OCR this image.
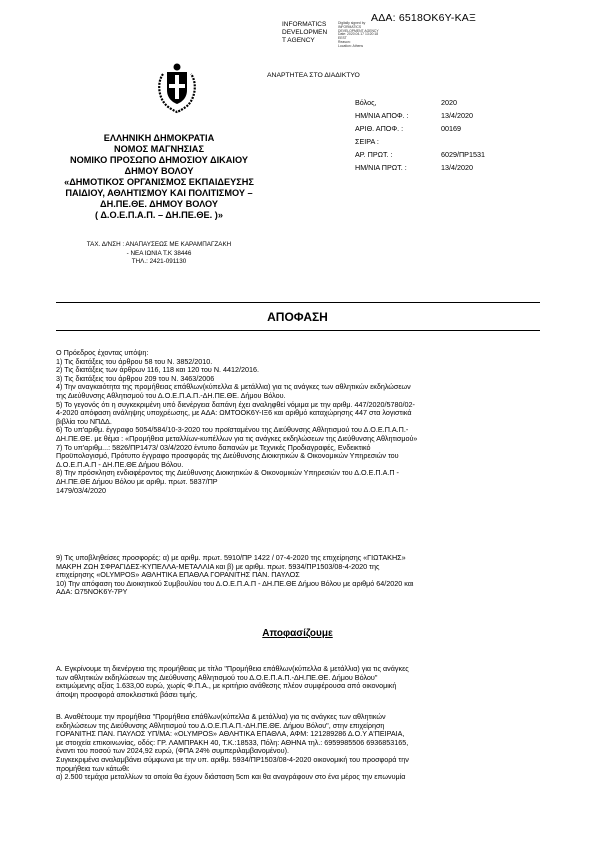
ΑΔΑ: 6518ΟΚ6Υ-ΚΑΞ
INFORMATICS
DEVELOPMEN
T AGENCY
Digitally signed by
INFORMATICS
DEVELOPMENT AGENCY
Date: 2020.04.17 13:20:18
EEST
Reason:
Location: Athens
ΑΝΑΡΤΗΤΕΑ ΣΤΟ ΔΙΑΔΙΚΤΥΟ
Βόλος,	2020
ΗΜ/ΝΙΑ ΑΠΟΦ. :	13/4/2020
ΑΡΙΘ. ΑΠΟΦ. :	00169
ΣΕΙΡΑ :
ΑΡ. ΠΡΩΤ. :	6029/ΠΡ1531
ΗΜ/ΝΙΑ ΠΡΩΤ. :	13/4/2020
ΕΛΛΗΝΙΚΗ ΔΗΜΟΚΡΑΤΙΑ
ΝΟΜΟΣ ΜΑΓΝΗΣΙΑΣ
ΝΟΜΙΚΟ ΠΡΟΣΩΠΟ ΔΗΜΟΣΙΟΥ ΔΙΚΑΙΟΥ
ΔΗΜΟΥ ΒΟΛΟΥ
«ΔΗΜΟΤΙΚΟΣ ΟΡΓΑΝΙΣΜΟΣ ΕΚΠΑΙΔΕΥΣΗΣ
ΠΑΙΔΙΟΥ, ΑΘΛΗΤΙΣΜΟΥ ΚΑΙ ΠΟΛΙΤΙΣΜΟΥ –
ΔΗ.ΠΕ.ΘΕ. ΔΗΜΟΥ ΒΟΛΟΥ
( Δ.Ο.Ε.Π.Α.Π. – ΔΗ.ΠΕ.ΘΕ. )»
ΤΑΧ. Δ/ΝΣΗ : ΑΝΑΠΑΥΣΕΩΣ ΜΕ ΚΑΡΑΜΠΑΓΖΑΚΗ
- ΝΕΑ ΙΩΝΙΑ Τ.Κ 38446
ΤΗΛ.: 2421-091130
ΑΠΟΦΑΣΗ

Ο Πρόεδρος έχοντας υπόψη:

1) Τις διατάξεις του άρθρου 58 του Ν. 3852/2010.

2) Τις διατάξεις των άρθρων 116, 118 και 120 του Ν. 4412/2016.

3) Τις διατάξεις του άρθρου 209 του Ν. 3463/2006

4) Την αναγκαιότητα της προμήθειας επάθλων(κύπελλα & μετάλλια) για τις ανάγκες των αθλητικών εκδηλώσεων

της Διεύθυνσης Αθλητισμού του Δ.Ο.Ε.Π.Α.Π.-ΔΗ.ΠΕ.ΘΕ. Δήμου Βόλου.

5) Το γεγονός ότι η συγκεκριμένη υπό διενέργεια δαπάνη έχει αναληφθεί νόμιμα με την αριθμ. 447/2020/5780/02-

4-2020 απόφαση ανάληψης υποχρέωσης, με ΑΔΑ: ΩΜΤΟΟΚ6Υ-ΙΞ6 και αριθμό καταχώρησης 447 στα λογιστικά

βιβλία του ΝΠΔΔ.

6) Το υπ'αριθμ. έγγραφο 5054/584/10-3-2020 του προϊσταμένου της Διεύθυνσης Αθλητισμού του Δ.Ο.Ε.Π.Α.Π.-

ΔΗ.ΠΕ.ΘΕ. με θέμα : «Προμήθεια μεταλλίων-κυπέλλων για τις ανάγκες εκδηλώσεων της Διεύθυνσης Αθλητισμού»

7) Το υπ'αριθμ...: 5826/ΠΡ1473/ 03/4/2020 έντυπο δαπανών με Τεχνικές Προδιαγραφές, Ενδεικτικό

Προϋπολογισμό, Πρότυπο έγγραφο προσφοράς της Διεύθυνσης Διοικητικών & Οικονομικών Υπηρεσιών του

Δ.Ο.Ε.Π.Α.Π - ΔΗ.ΠΕ.ΘΕ Δήμου Βόλου.

8) Την πρόσκληση ενδιαφέροντος της Διεύθυνσης Διοικητικών & Οικονομικών Υπηρεσιών του Δ.Ο.Ε.Π.Α.Π -

ΔΗ.ΠΕ.ΘΕ Δήμου Βόλου με αριθμ. πρωτ. 5837/ΠΡ

1479/03/4/2020

9) Τις υποβληθείσες προσφορές: α) με αριθμ. πρωτ. 5910/ΠΡ 1422 / 07-4-2020 της επιχείρησης «ΓΙΩΤΑΚΗΣ»

ΜΑΚΡΗ ΖΩΗ ΣΦΡΑΓΙΔΕΣ-ΚΥΠΕΛΛΑ-ΜΕΤΑΛΛΙΑ και β) με αριθμ. πρωτ. 5934/ΠΡ1503/08-4-2020 της

επιχείρησης «OLYMPOS» ΑΘΛΗΤΙΚΑ ΕΠΑΘΛΑ ΓΟΡΑΝΙΤΗΣ ΠΑΝ. ΠΑΥΛΟΣ

10) Την απόφαση του Διοικητικού Συμβουλίου του Δ.Ο.Ε.Π.Α.Π - ΔΗ.ΠΕ.ΘΕ Δήμου Βόλου με αριθμό 64/2020 και

ΑΔΑ: Ω75ΝΟΚ6Υ-7ΡΥ

Αποφασίζουμε

Α. Εγκρίνουμε τη διενέργεια της προμήθειας με τίτλο "Προμήθεια επάθλων(κύπελλα & μετάλλια) για τις ανάγκες

των αθλητικών εκδηλώσεων της Διεύθυνσης Αθλητισμού του Δ.Ο.Ε.Π.Α.Π.-ΔΗ.ΠΕ.ΘΕ. Δήμου Βόλου"

εκτιμώμενης αξίας 1.633,00 ευρώ, χωρίς Φ.Π.Α., με κριτήριο ανάθεσης πλέον συμφέρουσα από οικονομική

άποψη προσφορά αποκλειστικά βάσει τιμής.

Β. Αναθέτουμε την προμήθεια "Προμήθεια επάθλων(κύπελλα & μετάλλια) για τις ανάγκες των αθλητικών

εκδηλώσεων της Διεύθυνσης Αθλητισμού του Δ.Ο.Ε.Π.Α.Π.-ΔΗ.ΠΕ.ΘΕ. Δήμου Βόλου", στην επιχείρηση

ΓΟΡΑΝΙΤΗΣ ΠΑΝ. ΠΑΥΛΟΣ ΥΠ/ΜΑ: «OLYMPOS» ΑΘΛΗΤΙΚΑ ΕΠΑΘΛΑ, ΑΦΜ: 121289286 Δ.Ο.Υ Α'ΠΕΙΡΑΙΑ,

με στοιχεία επικοινωνίας, οδός: ΓΡ. ΛΑΜΠΡΑΚΗ 40, Τ.Κ.:18533, Πόλη: ΑΘΗΝΑ τηλ.: 6959985506 6936853165,

έναντι του ποσού των 2024,92 ευρώ, (ΦΠΑ 24% συμπεριλαμβανομένου).

Συγκεκριμένα αναλαμβάνει σύμφωνα με την υπ. αριθμ. 5934/ΠΡ1503/08-4-2020 οικονομική του προσφορά την

προμήθεια των κάτωθι:

α) 2.500 τεμάχια μεταλλίων τα οποία θα έχουν διάσταση 5cm και θα αναγράφουν στο ένα μέρος την επωνυμία
